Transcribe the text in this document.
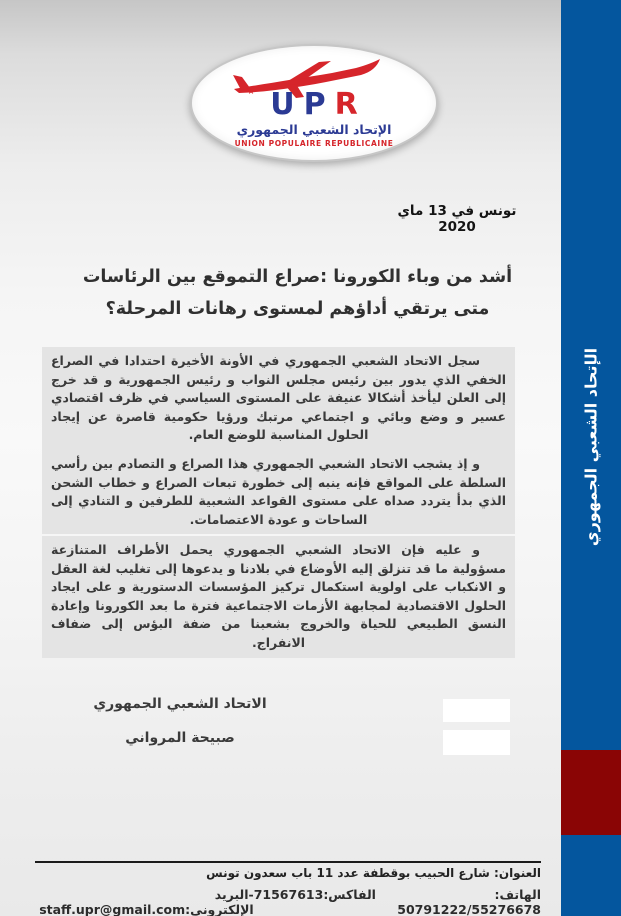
الإتحاد الشعبي الجمهوري
★ UPR
الإتحاد الشعبي الجمهوري
UNION POPULAIRE REPUBLICAINE
تونس في 13 ماي 2020
أشد من وباء الكورونا :صراع التموقع بين الرئاسات
متى يرتقي أداؤهم لمستوى رهانات المرحلة؟

سجل الاتحاد الشعبي الجمهوري في الأونة الأخيرة احتدادا في الصراع الخفي الذي يدور بين رئيس مجلس النواب و رئيس الجمهورية و قد خرج إلى العلن ليأخذ أشكالا عنيفة على المستوى السياسي في ظرف اقتصادي عسير و وضع وبائي و اجتماعي مرتبك ورؤيا حكومية قاصرة عن إيجاد الحلول المناسبة للوضع العام.

و إذ يشجب الاتحاد الشعبي الجمهوري هذا الصراع و التصادم بين رأسي السلطة على المواقع فإنه ينبه إلى خطورة تبعات الصراع و خطاب الشحن الذي بدأ يتردد صداه على مستوى القواعد الشعبية للطرفين و التنادي إلى الساحات و عودة الاعتصامات.

و عليه فإن الاتحاد الشعبي الجمهوري يحمل الأطراف المتنازعة مسؤولية ما قد تنزلق إليه الأوضاع في بلادنا و يدعوها إلى تغليب لغة العقل و الانكباب على اولوية استكمال تركيز المؤسسات الدستورية و على ايجاد الحلول الاقتصادية لمجابهة الأزمات الاجتماعية فترة ما بعد الكورونا وإعادة النسق الطبيعي للحياة والخروج بشعبنا من ضفة البؤس إلى ضفاف الانفراج.

الاتحاد الشعبي الجمهوري
صبيحة المرواني
العنوان: شارع الحبيب بوقطفة عدد 11 باب سعدون تونس
الهاتف: 50791222/55276678
الفاكس:71567613
-البريد الإلكتروني:staff.upr@gmail.com
